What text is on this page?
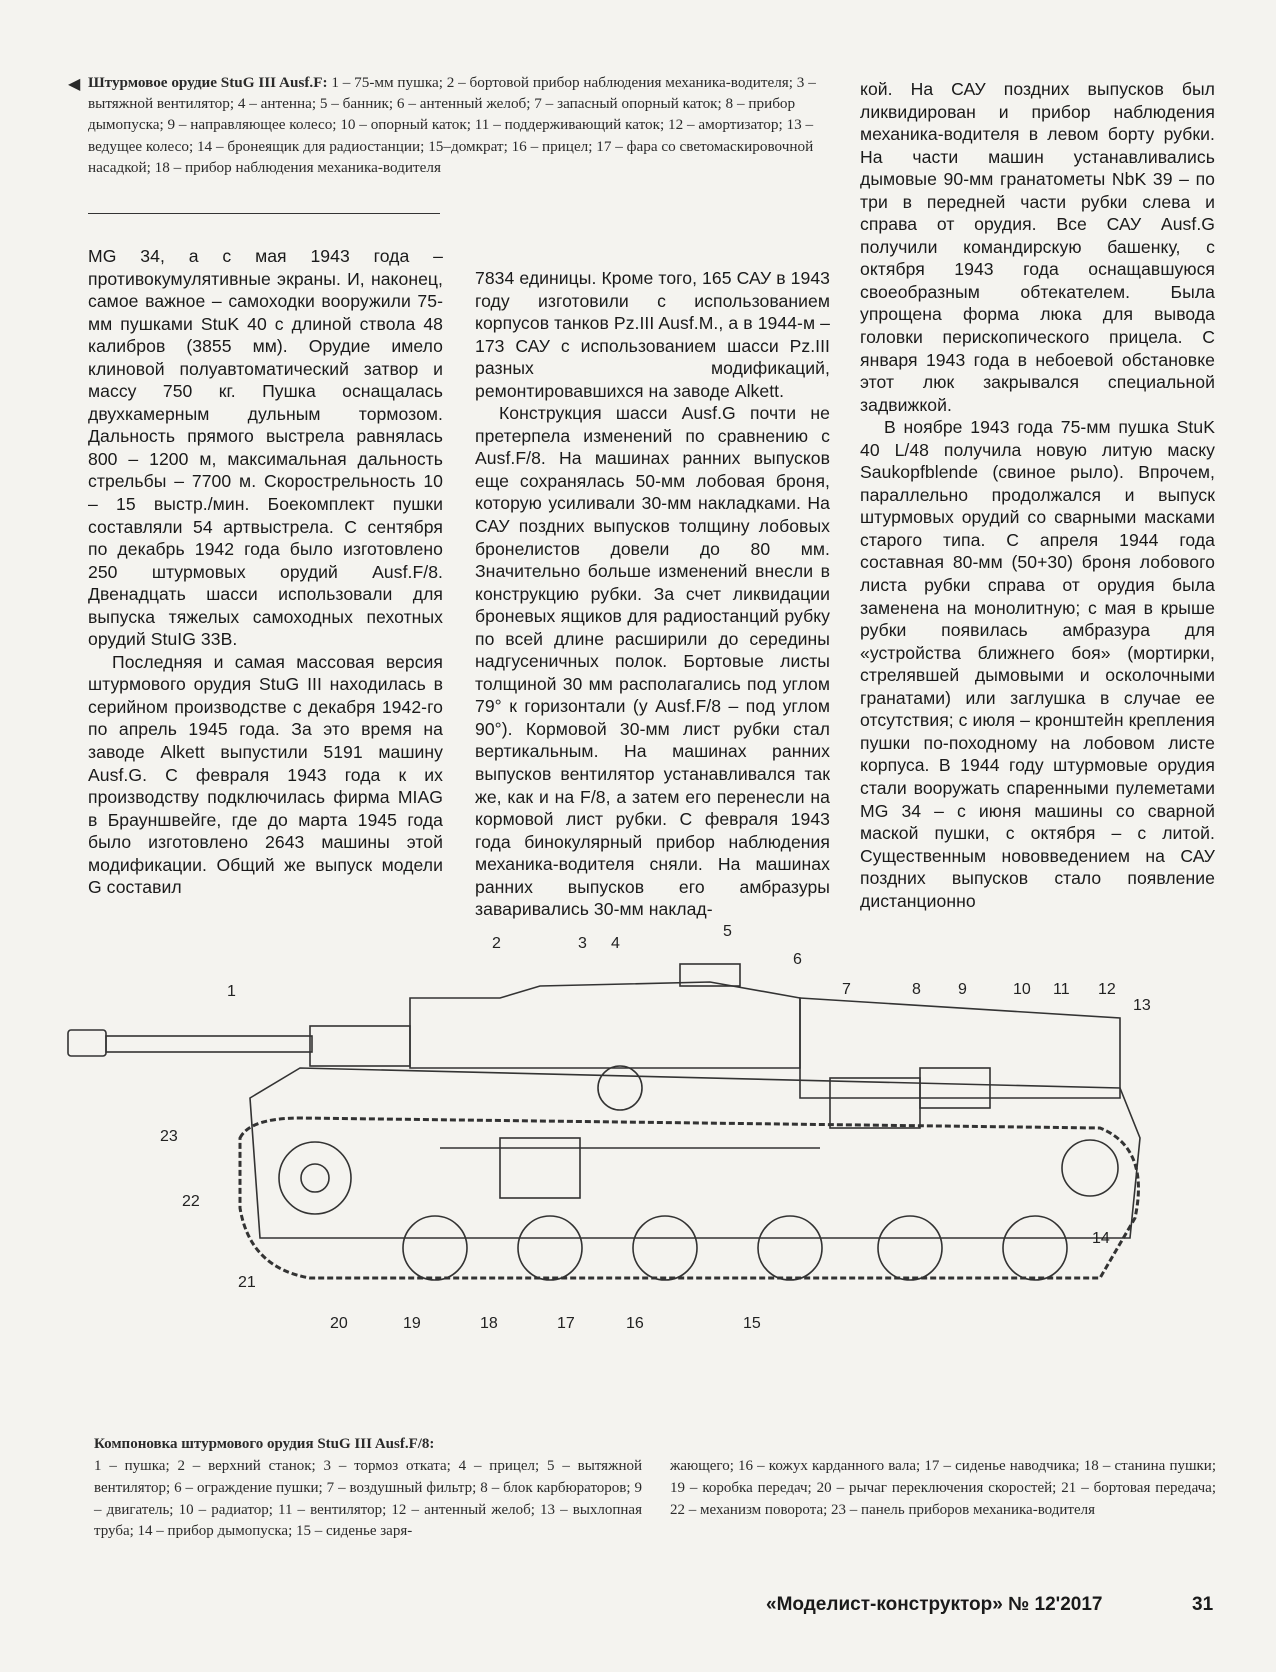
◀ Штурмовое орудие StuG III Ausf.F: 1 – 75-мм пушка; 2 – бортовой прибор наблюдения механика-водителя; 3 – вытяжной вентилятор; 4 – антенна; 5 – банник; 6 – антенный желоб; 7 – запасный опорный каток; 8 – прибор дымопуска; 9 – направляющее колесо; 10 – опорный каток; 11 – поддерживающий каток; 12 – амортизатор; 13 – ведущее колесо; 14 – бронеящик для радиостанции; 15–домкрат; 16 – прицел; 17 – фара со светомаскировочной насадкой; 18 – прибор наблюдения механика-водителя

MG 34, а с мая 1943 года – противокумулятивные экраны. И, наконец, самое важное – самоходки вооружили 75-мм пушками StuK 40 с длиной ствола 48 калибров (3855 мм). Орудие имело клиновой полуавтоматический затвор и массу 750 кг. Пушка оснащалась двухкамерным дульным тормозом. Дальность прямого выстрела равнялась 800 – 1200 м, максимальная дальность стрельбы – 7700 м. Скорострельность 10 – 15 выстр./мин. Боекомплект пушки составляли 54 артвыстрела. С сентября по декабрь 1942 года было изготовлено 250 штурмовых орудий Ausf.F/8. Двенадцать шасси использовали для выпуска тяжелых самоходных пехотных орудий StuIG 33B.

Последняя и самая массовая версия штурмового орудия StuG III находилась в серийном производстве с декабря 1942-го по апрель 1945 года. За это время на заводе Alkett выпустили 5191 машину Ausf.G. С февраля 1943 года к их производству подключилась фирма MIAG в Брауншвейге, где до марта 1945 года было изготовлено 2643 машины этой модификации. Общий же выпуск модели G составил

7834 единицы. Кроме того, 165 САУ в 1943 году изготовили с использованием корпусов танков Pz.III Ausf.M., а в 1944-м – 173 САУ с использованием шасси Pz.III разных модификаций, ремонтировавшихся на заводе Alkett.

Конструкция шасси Ausf.G почти не претерпела изменений по сравнению с Ausf.F/8. На машинах ранних выпусков еще сохранялась 50-мм лобовая броня, которую усиливали 30-мм накладками. На САУ поздних выпусков толщину лобовых бронелистов довели до 80 мм. Значительно больше изменений внесли в конструкцию рубки. За счет ликвидации броневых ящиков для радиостанций рубку по всей длине расширили до середины надгусеничных полок. Бортовые листы толщиной 30 мм располагались под углом 79° к горизонтали (у Ausf.F/8 – под углом 90°). Кормовой 30-мм лист рубки стал вертикальным. На машинах ранних выпусков вентилятор устанавливался так же, как и на F/8, а затем его перенесли на кормовой лист рубки. С февраля 1943 года бинокулярный прибор наблюдения механика-водителя сняли. На машинах ранних выпусков его амбразуры заваривались 30-мм наклад-

кой. На САУ поздних выпусков был ликвидирован и прибор наблюдения механика-водителя в левом борту рубки. На части машин устанавливались дымовые 90-мм гранатометы NbK 39 – по три в передней части рубки слева и справа от орудия. Все САУ Ausf.G получили командирскую башенку, с октября 1943 года оснащавшуюся своеобразным обтекателем. Была упрощена форма люка для вывода головки перископического прицела. С января 1943 года в небоевой обстановке этот люк закрывался специальной задвижкой.

В ноябре 1943 года 75-мм пушка StuK 40 L/48 получила новую литую маску Saukopfblende (свиное рыло). Впрочем, параллельно продолжался и выпуск штурмовых орудий со сварными масками старого типа. С апреля 1944 года составная 80-мм (50+30) броня лобового листа рубки справа от орудия была заменена на монолитную; с мая в крыше рубки появилась амбразура для «устройства ближнего боя» (мортирки, стрелявшей дымовыми и осколочными гранатами) или заглушка в случае ее отсутствия; с июля – кронштейн крепления пушки по-походному на лобовом листе корпуса. В 1944 году штурмовые орудия стали вооружать спаренными пулеметами MG 34 – с июня машины со сварной маской пушки, с октября – с литой. Существенным нововведением на САУ поздних выпусков стало появление дистанционно

1
2	3 4
5
6
7	8 9	10 11 12
13
14
15
16
17
18
19
20
21
22
23
Компоновка штурмового орудия StuG III Ausf.F/8:
1 – пушка; 2 – верхний станок; 3 – тормоз отката; 4 – прицел; 5 – вытяжной вентилятор; 6 – ограждение пушки; 7 – воздушный фильтр; 8 – блок карбюраторов; 9 – двигатель; 10 – радиатор; 11 – вентилятор; 12 – антенный желоб; 13 – выхлопная труба; 14 – прибор дымопуска; 15 – сиденье заря-
жающего; 16 – кожух карданного вала; 17 – сиденье наводчика; 18 – станина пушки; 19 – коробка передач; 20 – рычаг переключения скоростей; 21 – бортовая передача; 22 – механизм поворота; 23 – панель приборов механика-водителя
«Моделист-конструктор» № 12'2017	31
